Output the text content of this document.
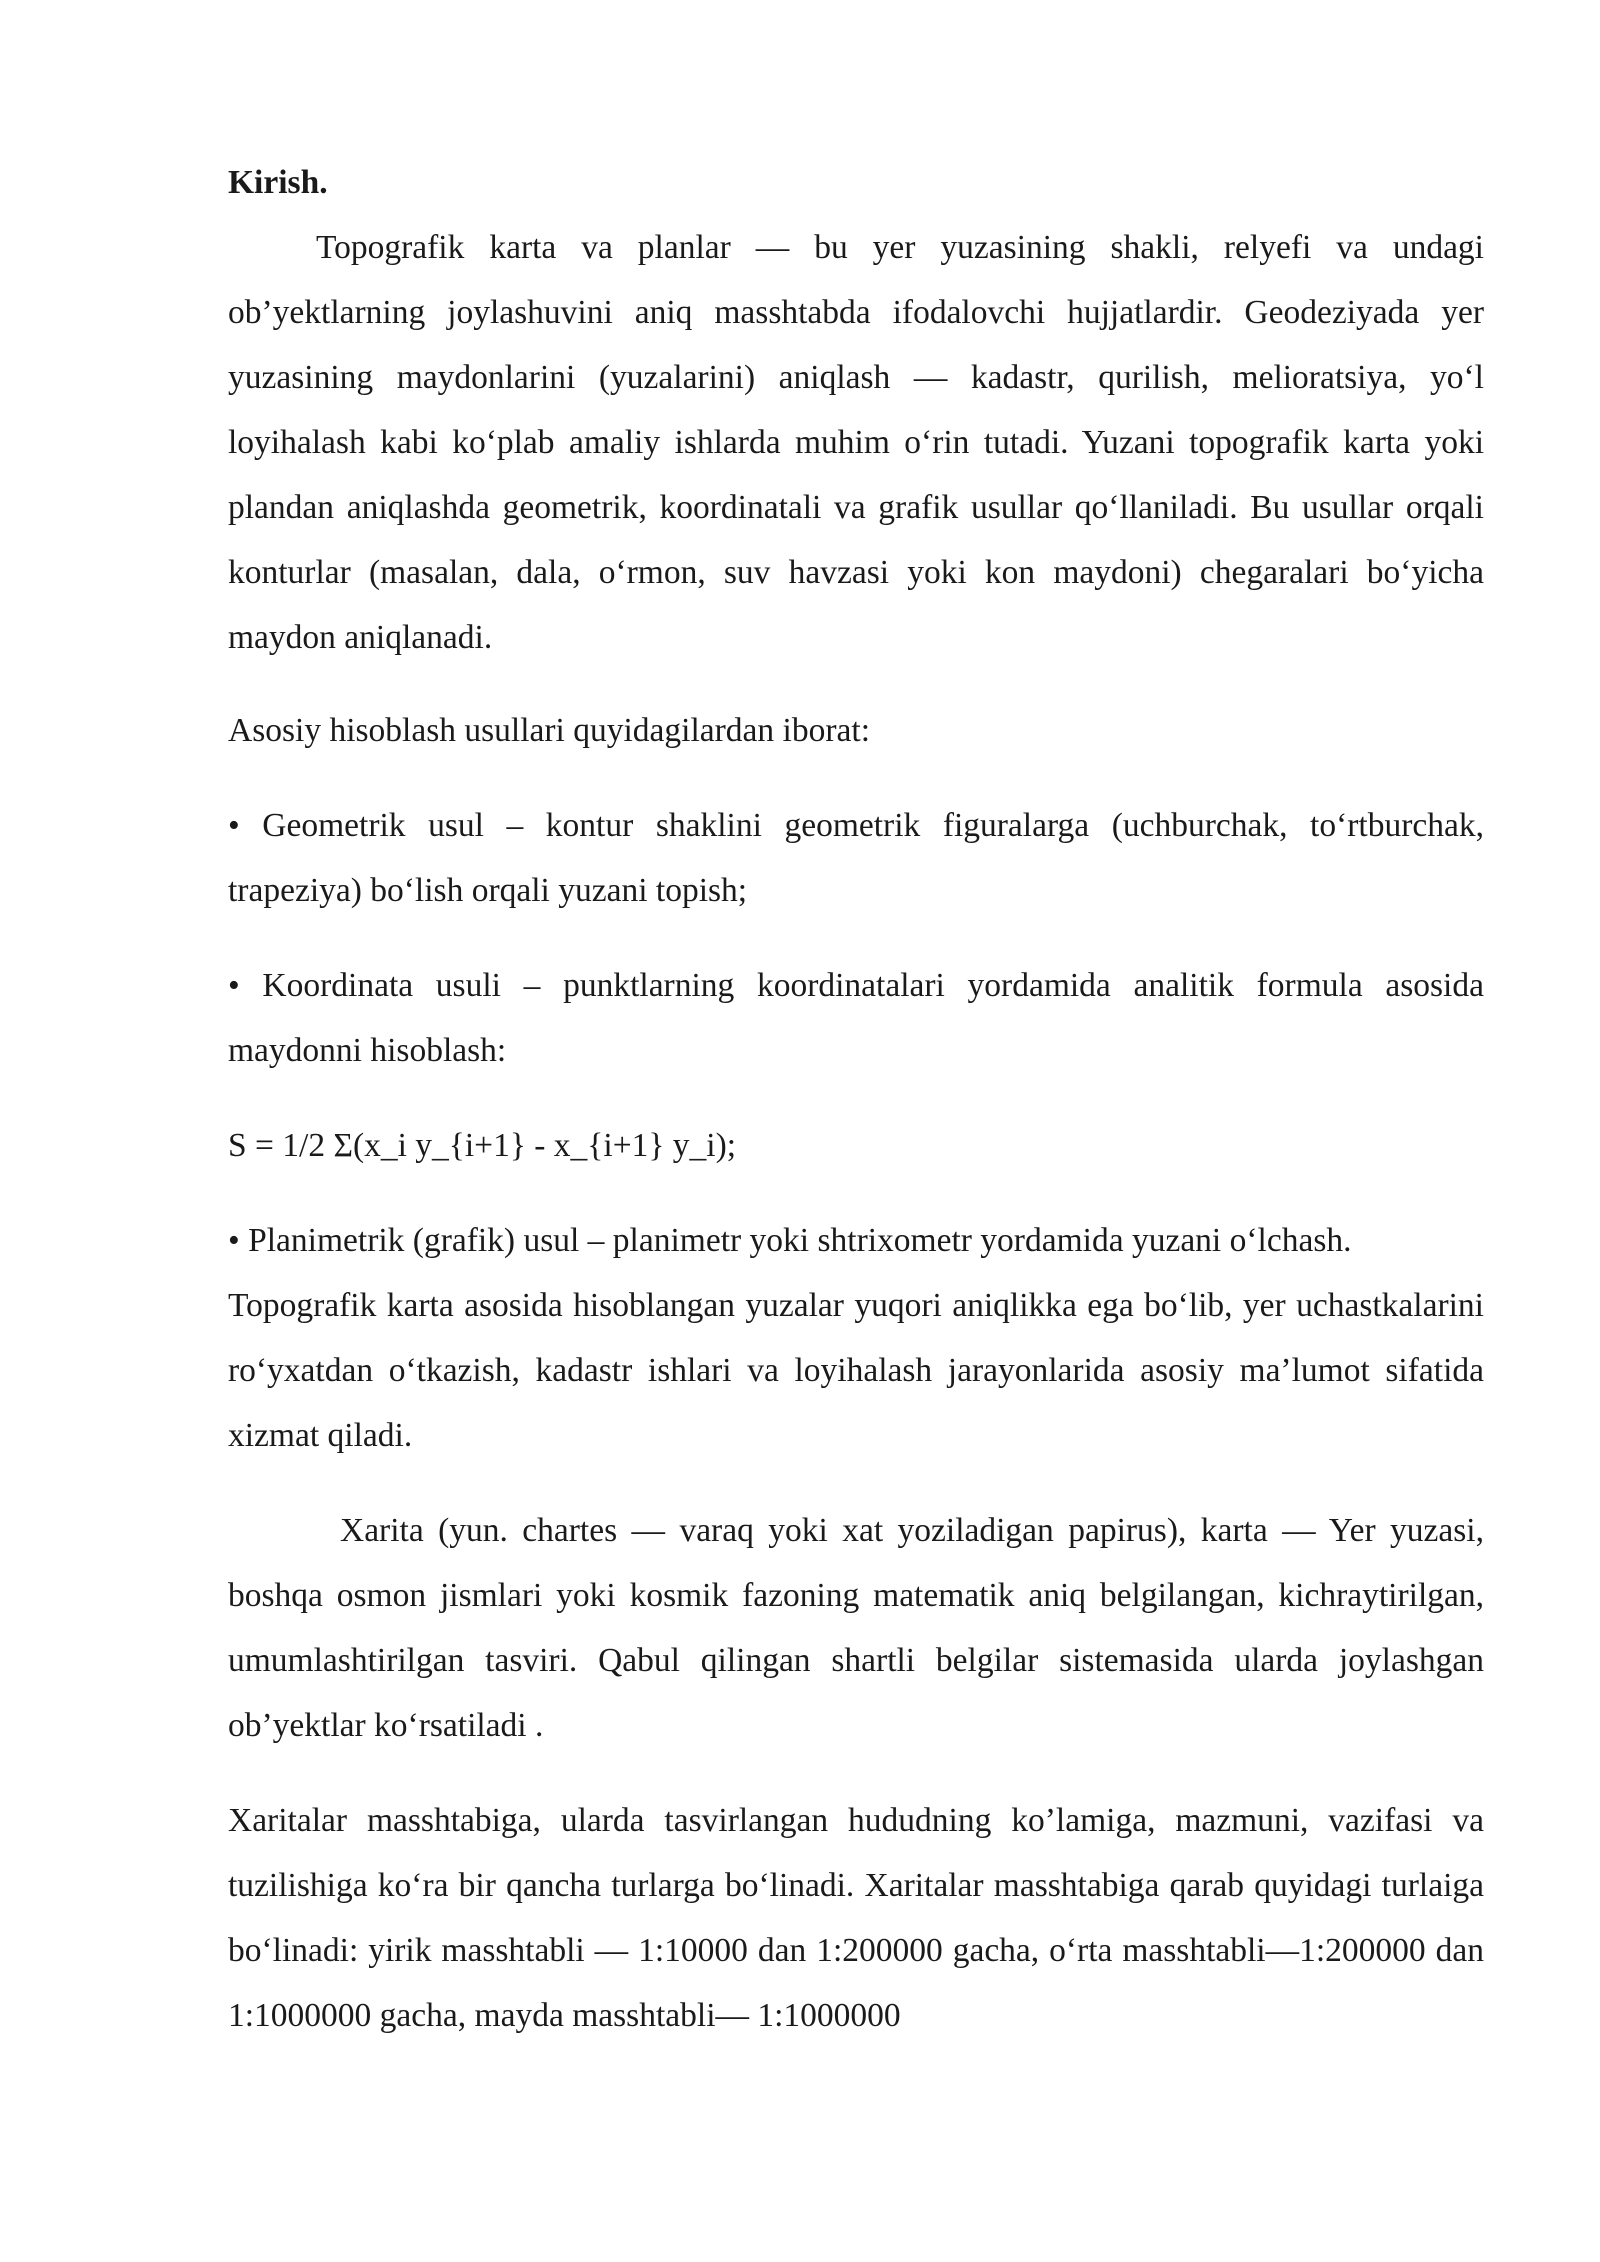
Kirish.

Topografik karta va planlar — bu yer yuzasining shakli, relyefi va undagi ob’yektlarning joylashuvini aniq masshtabda ifodalovchi hujjatlardir. Geodeziyada yer yuzasining maydonlarini (yuzalarini) aniqlash — kadastr, qurilish, melioratsiya, yo‘l loyihalash kabi ko‘plab amaliy ishlarda muhim o‘rin tutadi. Yuzani topografik karta yoki plandan aniqlashda geometrik, koordinatali va grafik usullar qo‘llaniladi. Bu usullar orqali konturlar (masalan, dala, o‘rmon, suv havzasi yoki kon maydoni) chegaralari bo‘yicha maydon aniqlanadi.

Asosiy hisoblash usullari quyidagilardan iborat:

• Geometrik usul – kontur shaklini geometrik figuralarga (uchburchak, to‘rtburchak, trapeziya) bo‘lish orqali yuzani topish;

• Koordinata usuli – punktlarning koordinatalari yordamida analitik formula asosida maydonni hisoblash:

S = 1/2 Σ(x_i y_{i+1} - x_{i+1} y_i);

• Planimetrik (grafik) usul – planimetr yoki shtrixometr yordamida yuzani o‘lchash.

Topografik karta asosida hisoblangan yuzalar yuqori aniqlikka ega bo‘lib, yer uchastkalarini ro‘yxatdan o‘tkazish, kadastr ishlari va loyihalash jarayonlarida asosiy ma’lumot sifatida xizmat qiladi.

Xarita (yun. chartes — varaq yoki xat yoziladigan papirus), karta — Yer yuzasi, boshqa osmon jismlari yoki kosmik fazoning matematik aniq belgilangan, kichraytirilgan, umumlashtirilgan tasviri. Qabul qilingan shartli belgilar sistemasida ularda joylashgan ob’yektlar ko‘rsatiladi .

Xaritalar masshtabiga, ularda tasvirlangan hududning ko’lamiga, mazmuni, vazifasi va tuzilishiga ko‘ra bir qancha turlarga bo‘linadi. Xaritalar masshtabiga qarab quyidagi turlaiga bo‘linadi: yirik masshtabli — 1:10000 dan 1:200000 gacha, o‘rta masshtabli—1:200000 dan 1:1000000 gacha, mayda masshtabli— 1:1000000
